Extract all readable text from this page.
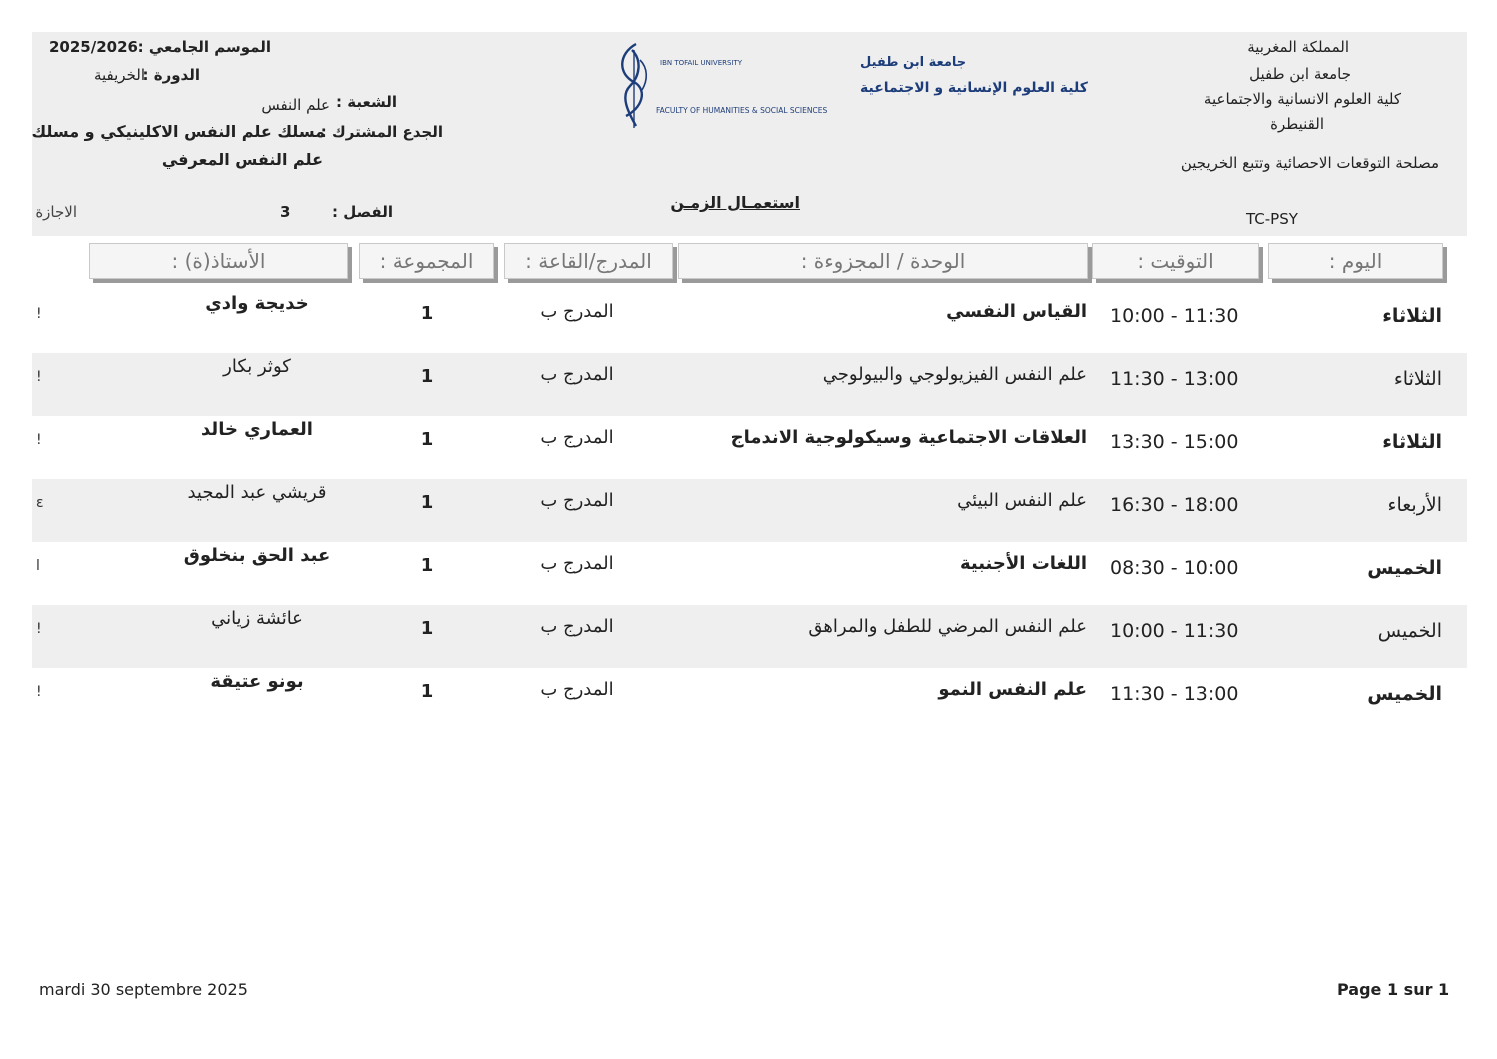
المملكة المغربية
جامعة ابن طفيل
كلية العلوم الانسانية والاجتماعية
القنيطرة
مصلحة التوقعات الاحصائية وتتبع الخريجين
TC-PSY
جامعة ابن طفيل
IBN TOFAIL UNIVERSITY
كلية العلوم الإنسانية و الاجتماعية
FACULTY OF HUMANITIES & SOCIAL SCIENCES
الموسم الجامعي :
2025/2026
الدورة :
الخريفية
الشعبة :
علم النفس
الجدع المشترك :
مسلك علم النفس الاكلينيكي و مسلك
علم النفس المعرفي
الفصل :
3
الاجازة	استعمـال الزمـن
اليوم :
التوقيت :
الوحدة / المجزوءة :
المدرج/القاعة :
المجموعة :
الأستاذ(ة) :
الثلاثاء
10:00 - 11:30
القياس النفسي
المدرج ب
1
خديجة وادي
!
الثلاثاء
11:30 - 13:00
علم النفس الفيزيولوجي والبيولوجي
المدرج ب
1
كوثر بكار
!
الثلاثاء
13:30 - 15:00
العلاقات الاجتماعية وسيكولوجية الاندماج
المدرج ب
1
العماري خالد
!
الأربعاء
16:30 - 18:00
علم النفس البيئي
المدرج ب
1
قريشي عبد المجيد
ε
الخميس
08:30 - 10:00
اللغات الأجنبية
المدرج ب
1
عبد الحق بنخلوق
l
الخميس
10:00 - 11:30
علم النفس المرضي للطفل والمراهق
المدرج ب
1
عائشة زياني
!
الخميس
11:30 - 13:00
علم النفس النمو
المدرج ب
1
بونو عتيقة
!
mardi 30 septembre 2025	Page 1 sur 1
